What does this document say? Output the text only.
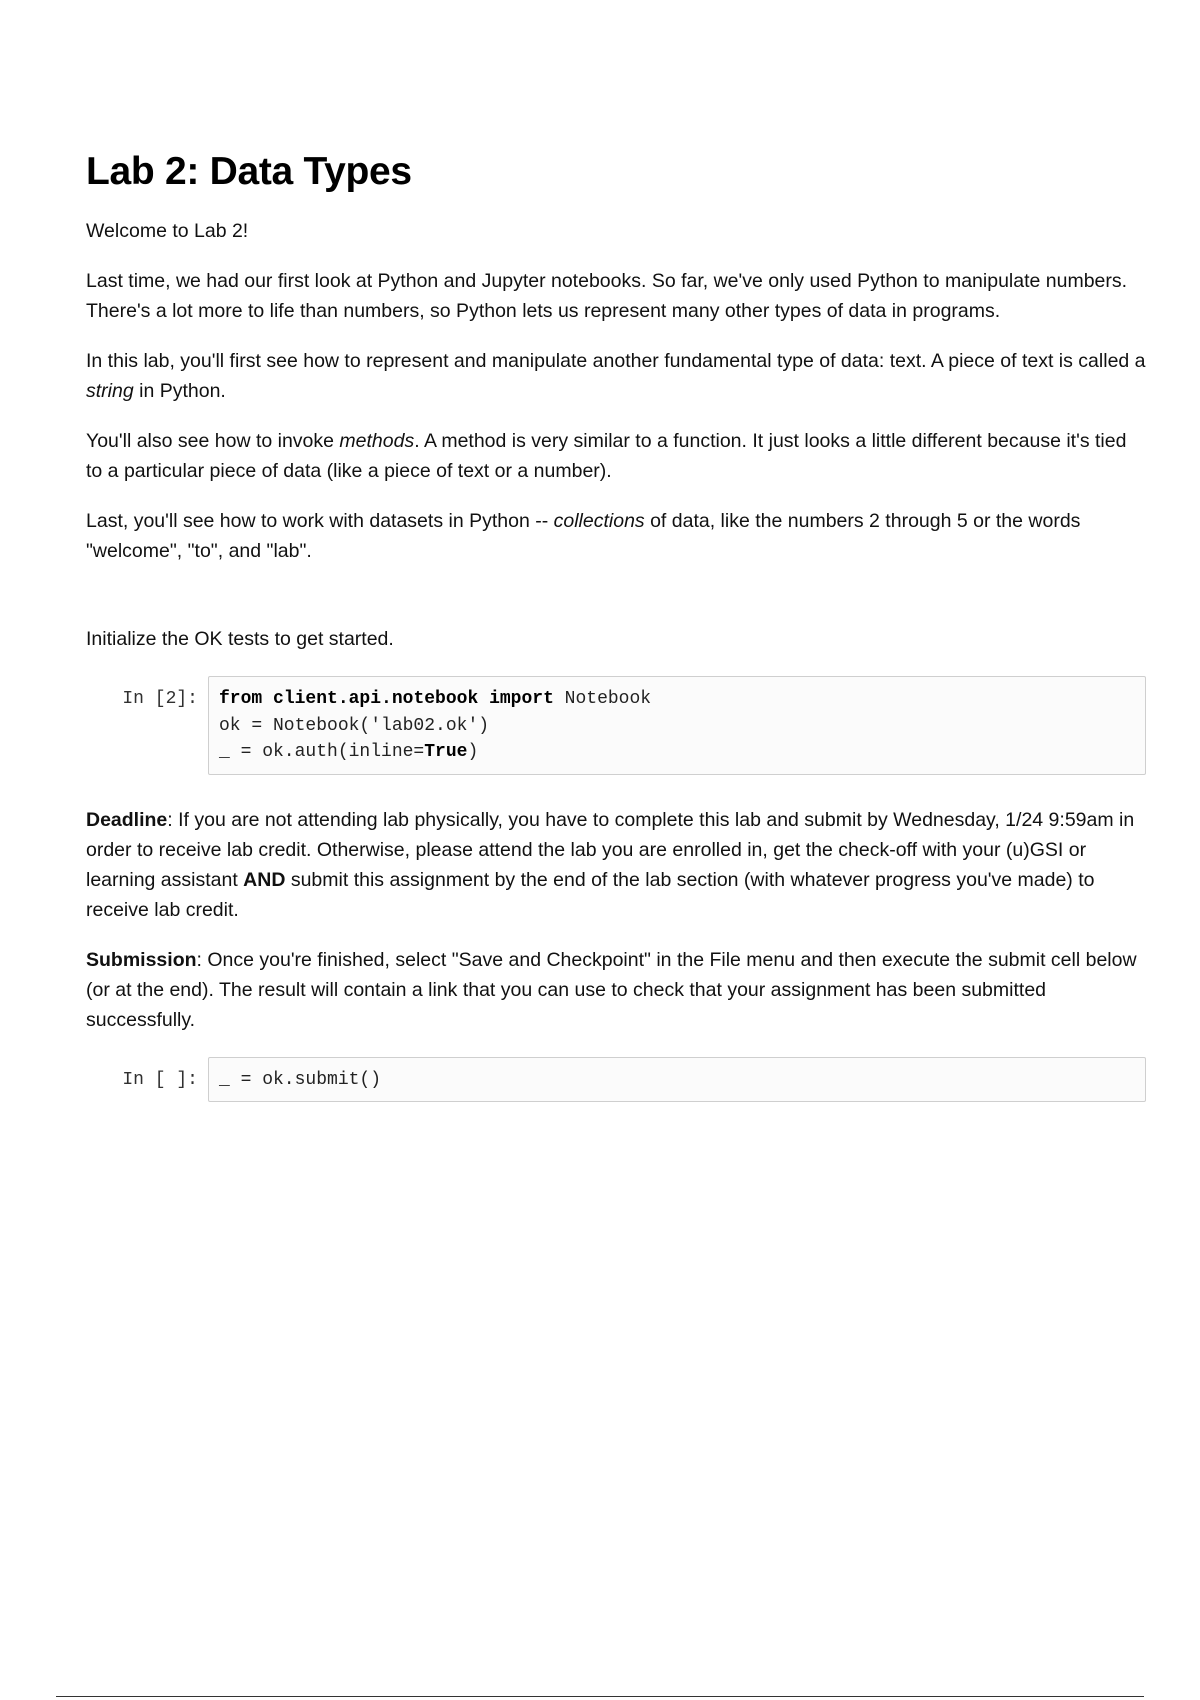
Lab 2: Data Types

Welcome to Lab 2!

Last time, we had our first look at Python and Jupyter notebooks. So far, we've only used Python to manipulate numbers. There's a lot more to life than numbers, so Python lets us represent many other types of data in programs.

In this lab, you'll first see how to represent and manipulate another fundamental type of data: text. A piece of text is called a string in Python.

You'll also see how to invoke methods. A method is very similar to a function. It just looks a little different because it's tied to a particular piece of data (like a piece of text or a number).

Last, you'll see how to work with datasets in Python -- collections of data, like the numbers 2 through 5 or the words "welcome", "to", and "lab".

Initialize the OK tests to get started.

In [2]:	from client.api.notebook import Notebook
ok = Notebook('lab02.ok')
_ = ok.auth(inline=True)

Deadline: If you are not attending lab physically, you have to complete this lab and submit by Wednesday, 1/24 9:59am in order to receive lab credit. Otherwise, please attend the lab you are enrolled in, get the check-off with your (u)GSI or learning assistant AND submit this assignment by the end of the lab section (with whatever progress you've made) to receive lab credit.

Submission: Once you're finished, select "Save and Checkpoint" in the File menu and then execute the submit cell below (or at the end). The result will contain a link that you can use to check that your assignment has been submitted successfully.

In [ ]:	_ = ok.submit()
